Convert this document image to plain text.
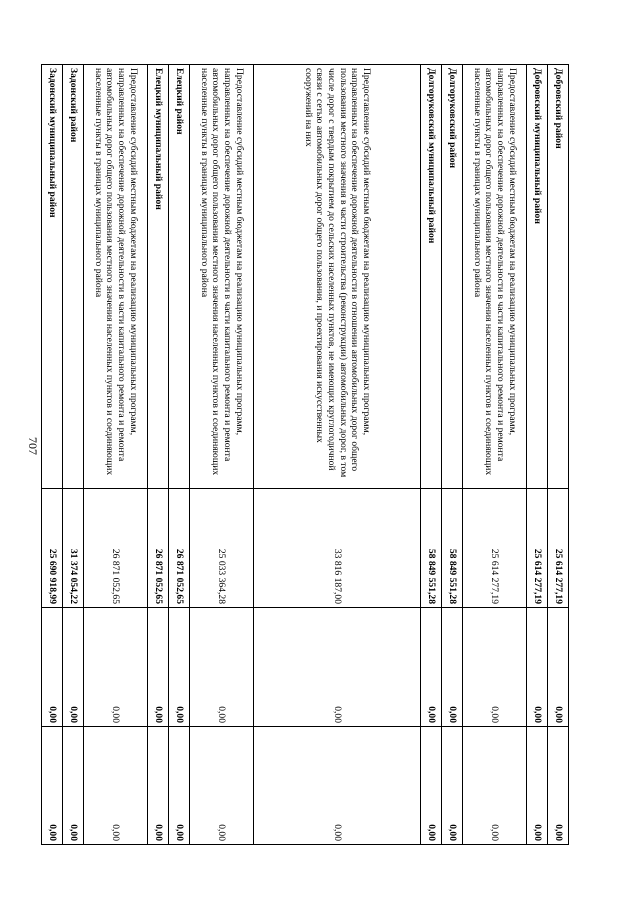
707
Добровский район	25 614 277,19	0,00	0,00
Добровский муниципальный район	25 614 277,19	0,00	0,00
Предоставление субсидий местным бюджетам на реализацию муниципальных программ, направленных на обеспечение дорожной деятельности в части капитального ремонта и ремонта автомобильных дорог общего пользования местного значения населенных пунктов и соединяющих населенные пункты в границах муниципального района	25 614 277,19	0,00	0,00
Долгоруковский район	58 849 551,28	0,00	0,00
Долгоруковский муниципальный район	58 849 551,28	0,00	0,00
Предоставление субсидий местным бюджетам на реализацию муниципальных программ, направленных на обеспечение дорожной деятельности в отношении автомобильных дорог общего пользования местного значения в части строительства (реконструкции) автомобильных дорог, в том числе дорог с твердым покрытием до сельских населенных пунктов, не имеющих круглогодичной связи с сетью автомобильных дорог общего пользования, и проектирования искусственных сооружений на них	33 816 187,00	0,00	0,00
Предоставление субсидий местным бюджетам на реализацию муниципальных программ, направленных на обеспечение дорожной деятельности в части капитального ремонта и ремонта автомобильных дорог общего пользования местного значения населенных пунктов и соединяющих населенные пункты в границах муниципального района	25 033 364,28	0,00	0,00
Елецкий район	26 871 052,65	0,00	0,00
Елецкий муниципальный район	26 871 052,65	0,00	0,00
Предоставление субсидий местным бюджетам на реализацию муниципальных программ, направленных на обеспечение дорожной деятельности в части капитального ремонта и ремонта автомобильных дорог общего пользования местного значения населенных пунктов и соединяющих населенные пункты в границах муниципального района	26 871 052,65	0,00	0,00
Задонский район	31 374 054,22	0,00	0,00
Задонский муниципальный район	25 690 918,99	0,00	0,00
